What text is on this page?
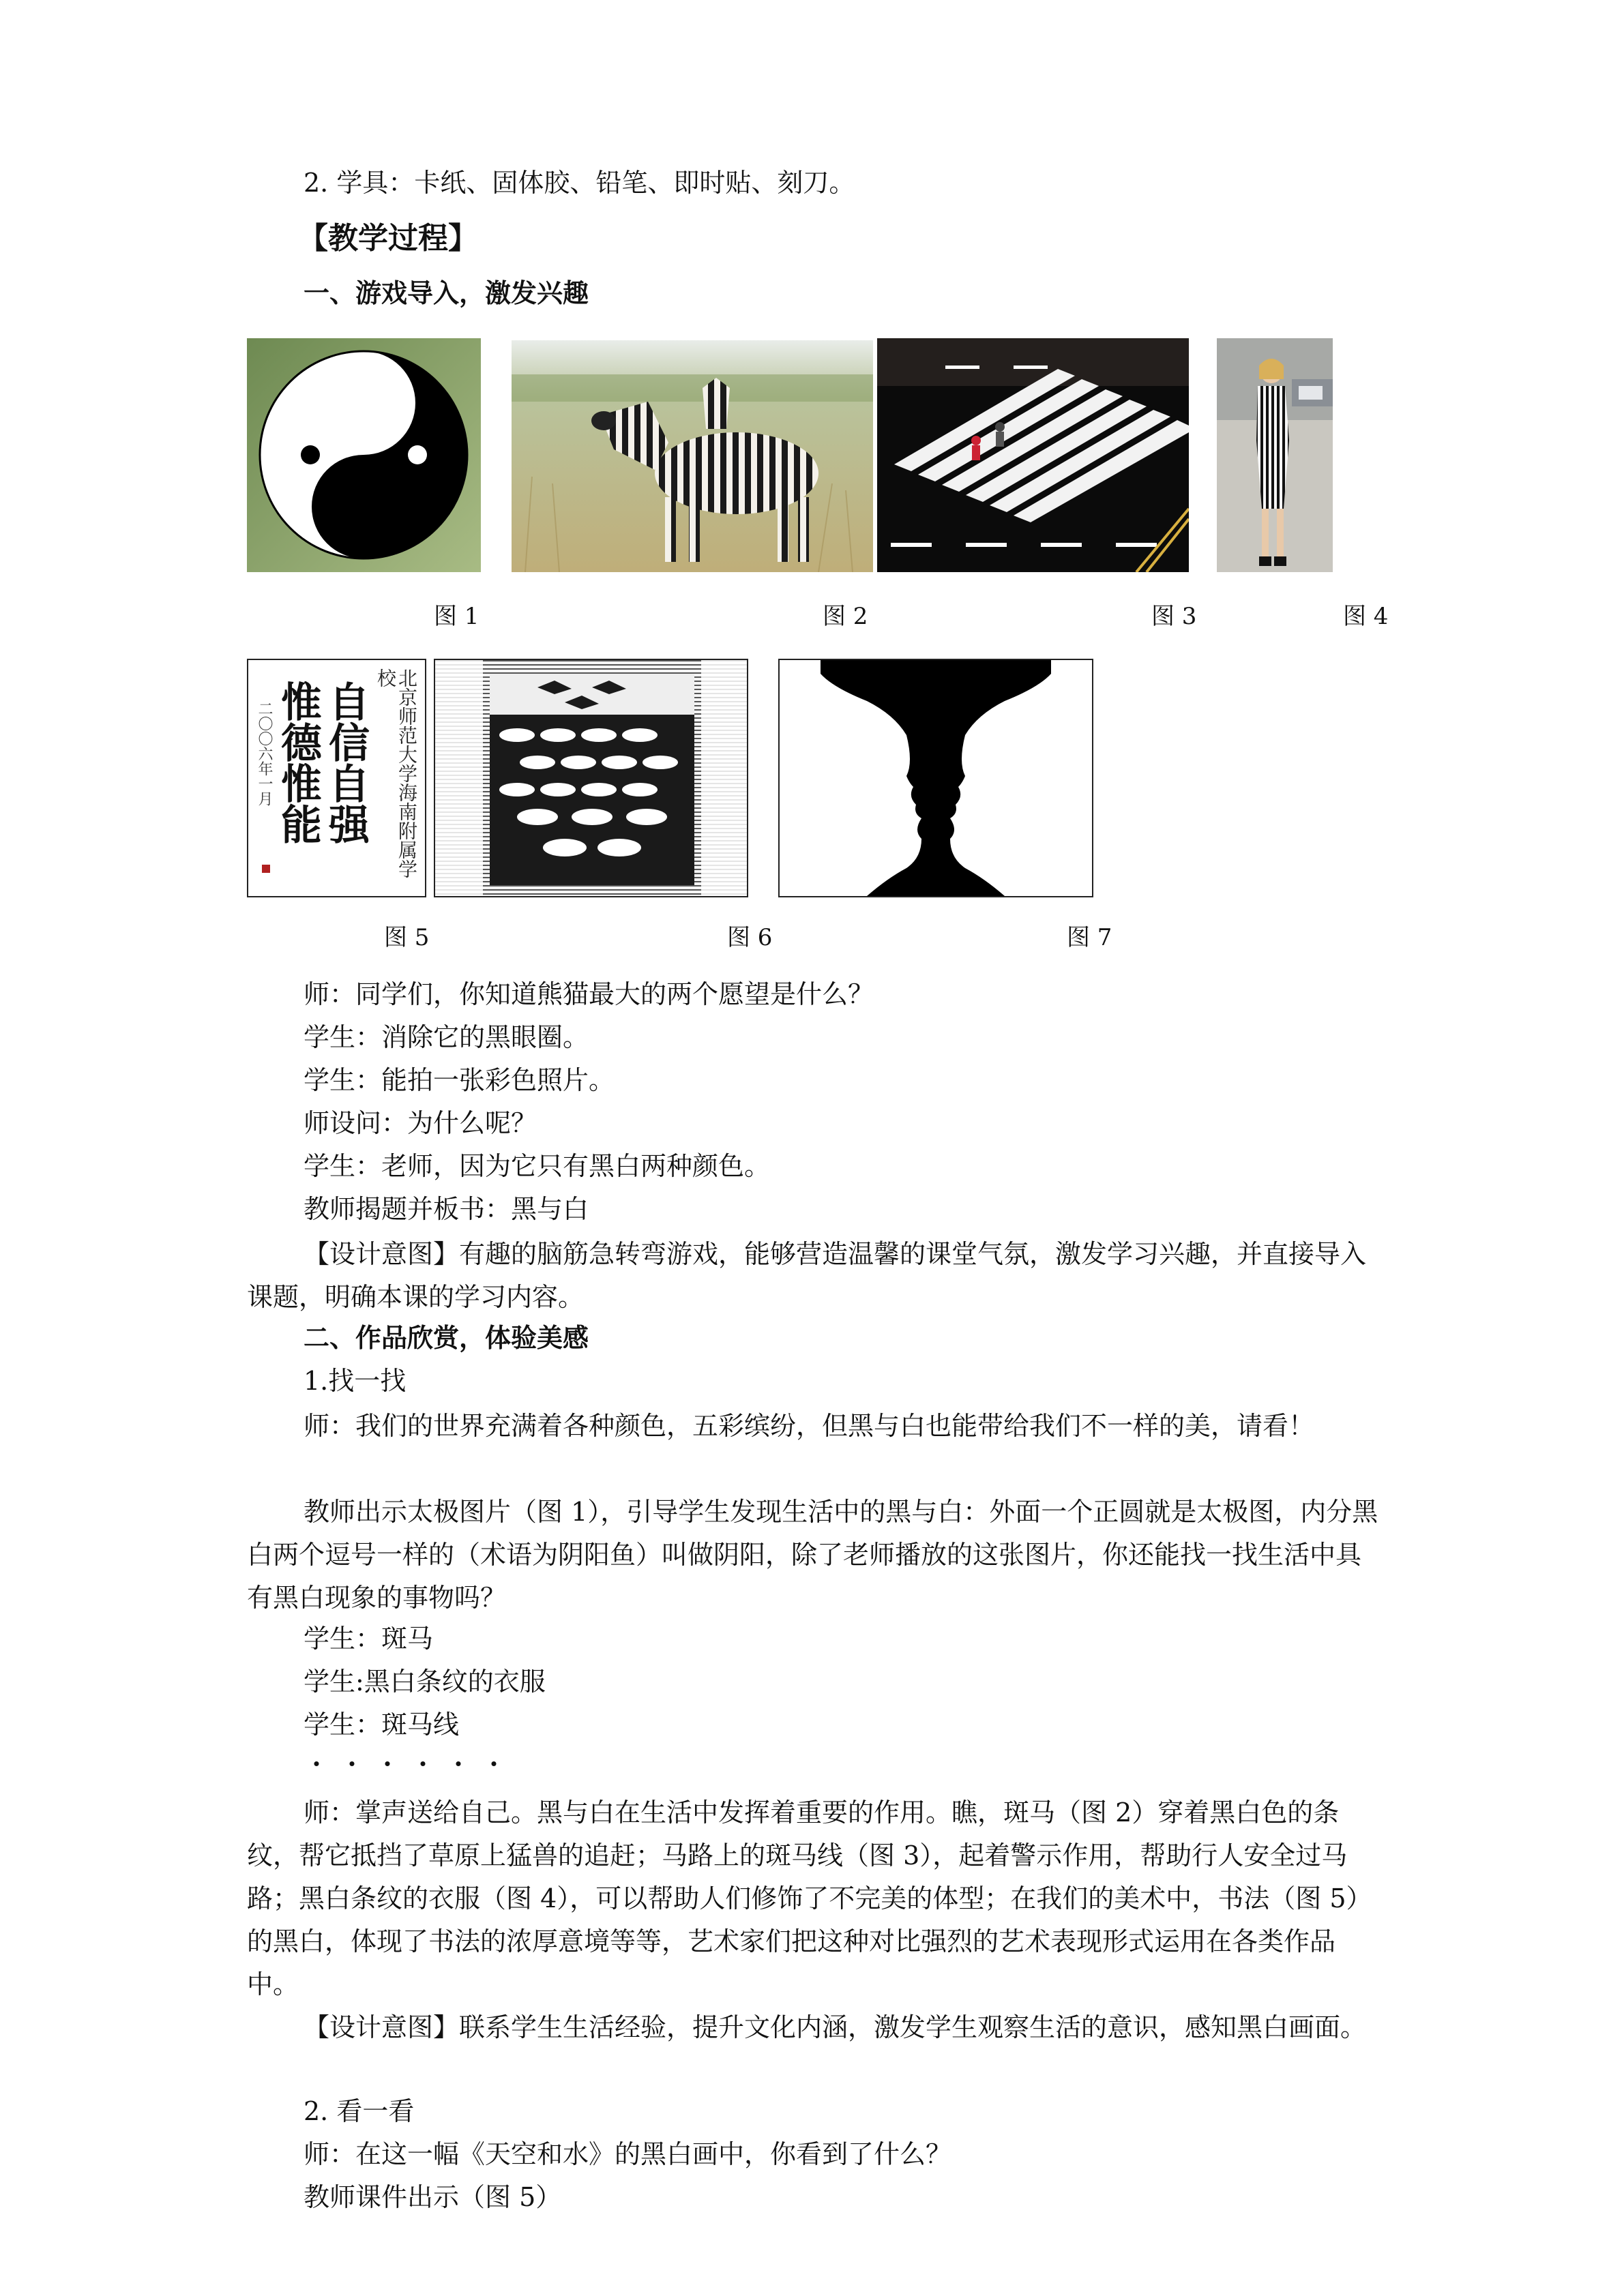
2. 学具：卡纸、固体胶、铅笔、即时贴、刻刀。
【教学过程】
一、游戏导入，激发兴趣
图 1	图 2	图 3	图 4
北京师范大学海南附属学校
自信自强
惟德惟能
二〇〇六年一月
图 5	图 6	图 7
师：同学们，你知道熊猫最大的两个愿望是什么？
学生：消除它的黑眼圈。
学生：能拍一张彩色照片。
师设问：为什么呢？
学生：老师，因为它只有黑白两种颜色。
教师揭题并板书：黑与白
【设计意图】有趣的脑筋急转弯游戏，能够营造温馨的课堂气氛，激发学习兴趣，并直接导入课题，明确本课的学习内容。
二、作品欣赏，体验美感
1.找一找
师：我们的世界充满着各种颜色，五彩缤纷，但黑与白也能带给我们不一样的美，请看！
教师出示太极图片（图 1），引导学生发现生活中的黑与白：外面一个正圆就是太极图，内分黑白两个逗号一样的（术语为阴阳鱼）叫做阴阳，除了老师播放的这张图片，你还能找一找生活中具有黑白现象的事物吗？
学生：斑马
学生:黑白条纹的衣服
学生：斑马线
・・・・・・
师：掌声送给自己。黑与白在生活中发挥着重要的作用。瞧，斑马（图 2）穿着黑白色的条纹，帮它抵挡了草原上猛兽的追赶；马路上的斑马线（图 3），起着警示作用，帮助行人安全过马路；黑白条纹的衣服（图 4），可以帮助人们修饰了不完美的体型；在我们的美术中，书法（图 5）的黑白，体现了书法的浓厚意境等等，艺术家们把这种对比强烈的艺术表现形式运用在各类作品中。
【设计意图】联系学生生活经验，提升文化内涵，激发学生观察生活的意识，感知黑白画面。
2. 看一看
师：在这一幅《天空和水》的黑白画中，你看到了什么？
教师课件出示（图 5）
